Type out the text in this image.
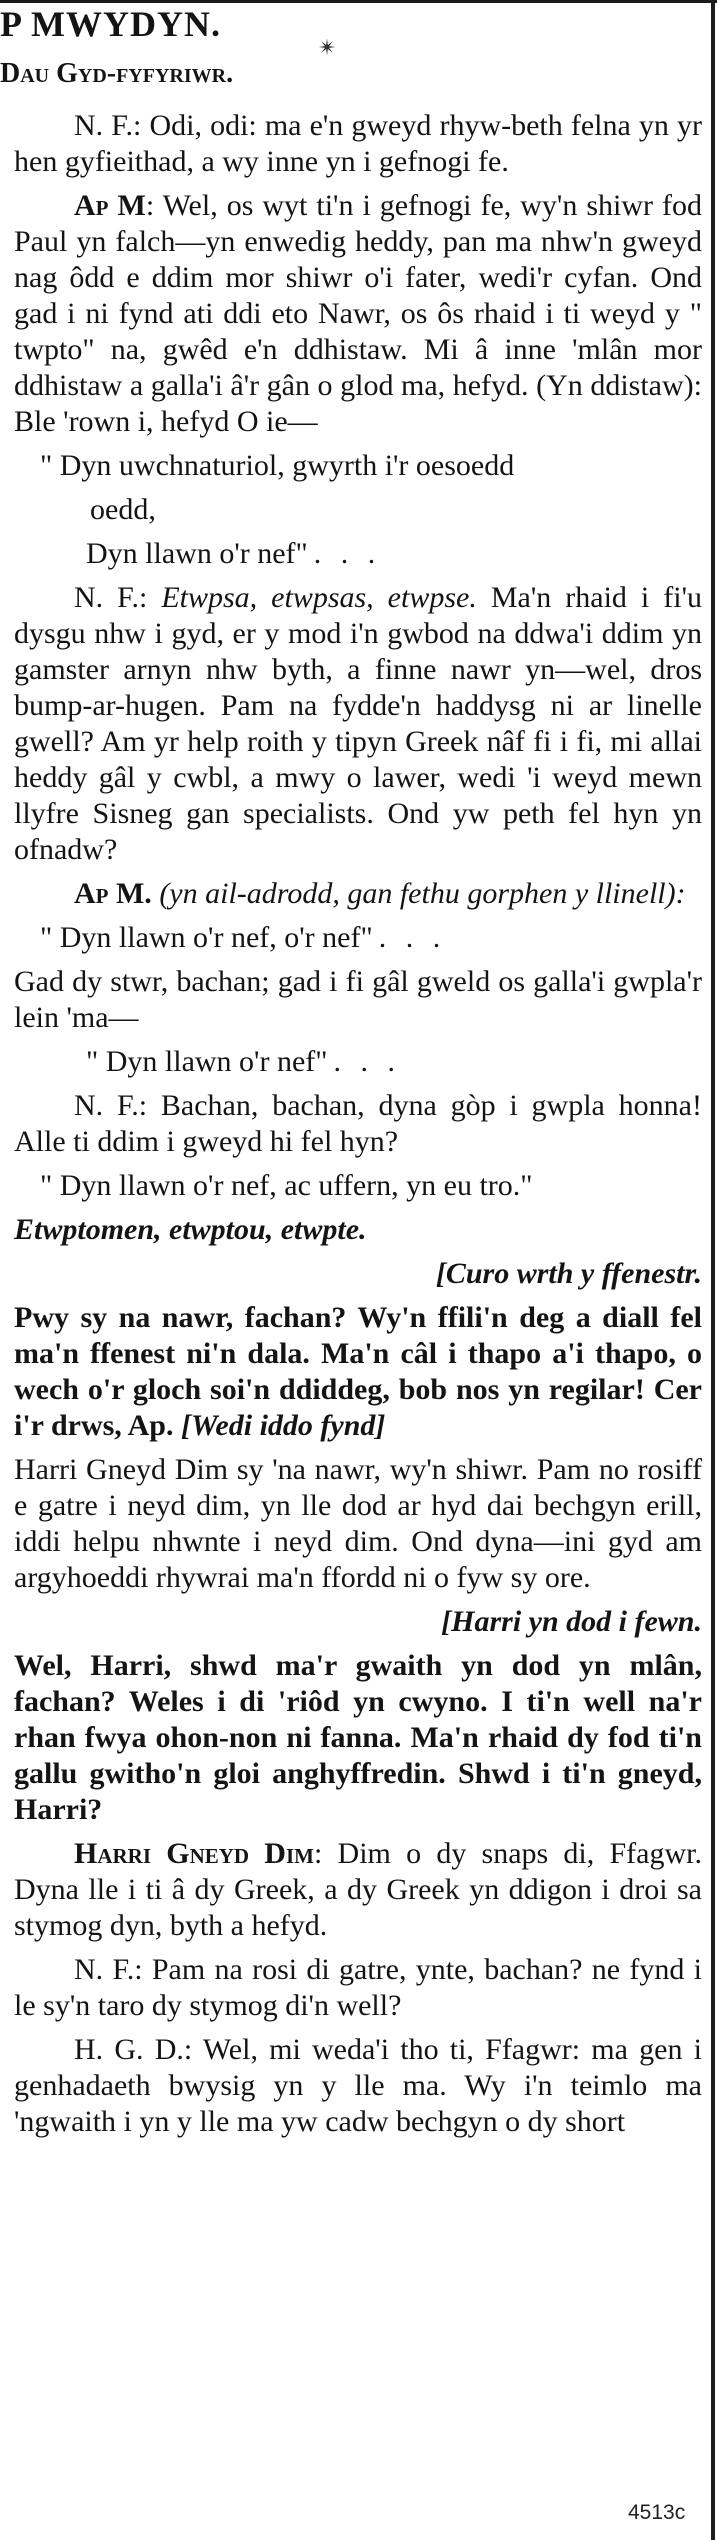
P MWYDYN.
✴
Dau Gyd-fyfyriwr.

N. F.: Odi, odi: ma e'n gweyd rhyw-beth felna yn yr hen gyfieithad, a wy inne yn i gefnogi fe.

Ap M: Wel, os wyt ti'n i gefnogi fe, wy'n shiwr fod Paul yn falch—yn enwedig heddy, pan ma nhw'n gweyd nag ôdd e ddim mor shiwr o'i fater, wedi'r cyfan. Ond gad i ni fynd ati ddi eto Nawr, os ôs rhaid i ti weyd y " twpto" na, gwêd e'n ddhistaw. Mi â inne 'mlân mor ddhistaw a galla'i â'r gân o glod ma, hefyd. (Yn ddistaw): Ble 'rown i, hefyd O ie—

" Dyn uwchnaturiol, gwyrth i'r oesoedd
oedd,
Dyn llawn o'r nef" . . .

N. F.: Etwpsa, etwpsas, etwpse. Ma'n rhaid i fi'u dysgu nhw i gyd, er y mod i'n gwbod na ddwa'i ddim yn gamster arnyn nhw byth, a finne nawr yn—wel, dros bump-ar-hugen. Pam na fydde'n haddysg ni ar linelle gwell? Am yr help roith y tipyn Greek nâf fi i fi, mi allai heddy gâl y cwbl, a mwy o lawer, wedi 'i weyd mewn llyfre Sisneg gan specialists. Ond yw peth fel hyn yn ofnadw?

Ap M. (yn ail-adrodd, gan fethu gorphen y llinell):

" Dyn llawn o'r nef, o'r nef" . . .

Gad dy stwr, bachan; gad i fi gâl gweld os galla'i gwpla'r lein 'ma—

" Dyn llawn o'r nef" . . .

N. F.: Bachan, bachan, dyna gòp i gwpla honna! Alle ti ddim i gweyd hi fel hyn?

" Dyn llawn o'r nef, ac uffern, yn eu tro."
Etwptomen, etwptou, etwpte.
[Curo wrth y ffenestr.

Pwy sy na nawr, fachan? Wy'n ffili'n deg a diall fel ma'n ffenest ni'n dala. Ma'n câl i thapo a'i thapo, o wech o'r gloch soi'n ddiddeg, bob nos yn regilar! Cer i'r drws, Ap. [Wedi iddo fynd]

Harri Gneyd Dim sy 'na nawr, wy'n shiwr. Pam no rosiff e gatre i neyd dim, yn lle dod ar hyd dai bechgyn erill, iddi helpu nhwnte i neyd dim. Ond dyna—ini gyd am argyhoeddi rhywrai ma'n ffordd ni o fyw sy ore.

[Harri yn dod i fewn.

Wel, Harri, shwd ma'r gwaith yn dod yn mlân, fachan? Weles i di 'riôd yn cwyno. I ti'n well na'r rhan fwya ohon-non ni fanna. Ma'n rhaid dy fod ti'n gallu gwitho'n gloi anghyffredin. Shwd i ti'n gneyd, Harri?

Harri Gneyd Dim: Dim o dy snaps di, Ffagwr. Dyna lle i ti â dy Greek, a dy Greek yn ddigon i droi sa stymog dyn, byth a hefyd.

N. F.: Pam na rosi di gatre, ynte, bachan? ne fynd i le sy'n taro dy stymog di'n well?

H. G. D.: Wel, mi weda'i tho ti, Ffagwr: ma gen i genhadaeth bwysig yn y lle ma. Wy i'n teimlo ma 'ngwaith i yn y lle ma yw cadw bechgyn o dy short

4513c
